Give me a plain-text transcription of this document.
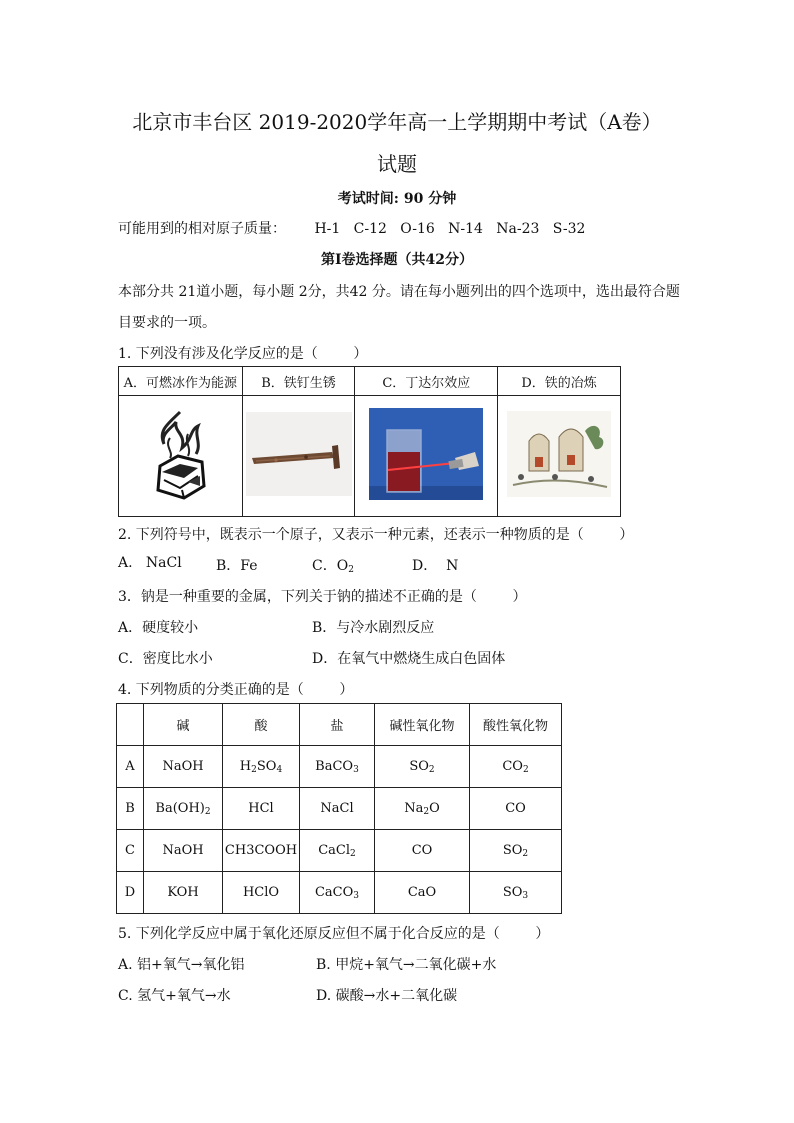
北京市丰台区 2019-2020学年高一上学期期中考试（A卷）
试题
考试时间: 90 分钟
可能用到的相对原子质量： H-1   C-12   O-16   N-14   Na-23   S-32
第Ⅰ卷选择题（共42分）
本部分共 21道小题，每小题 2分，共42 分。请在每小题列出的四个选项中，选出最符合题
目要求的一项。
1. 下列没有涉及化学反应的是（        ）
A．可燃冰作为能源	B．铁钉生锈	C．丁达尔效应	D．铁的冶炼

2. 下列符号中，既表示一个原子，又表示一种元素，还表示一种物质的是（        ）
A.   NaCl B．Fe	C．$O_2$	D．  N
3．钠是一种重要的金属，下列关于钠的描述不正确的是（        ）
A．硬度较小	B．与冷水剧烈反应
C．密度比水小	D．在氧气中燃烧生成白色固体
4. 下列物质的分类正确的是（        ）
	碱	酸	盐	碱性氧化物	酸性氧化物
A	NaOH	$H_2SO_4$	BaCO$_3$	$SO_2$	$CO_2$
B	$Ba(OH)_2$	HCl	NaCl	$Na_2O$	CO
C	NaOH	CH3COOH	CaCl$_2$	CO	$SO_2$
D	KOH	HClO	CaCO$_3$	CaO	$SO_3$
5. 下列化学反应中属于氧化还原反应但不属于化合反应的是（        ）
A. 铝+氧气→氧化铝	B. 甲烷+氧气→二氧化碳+水
C. 氢气+氧气→水	D. 碳酸→水+二氧化碳
